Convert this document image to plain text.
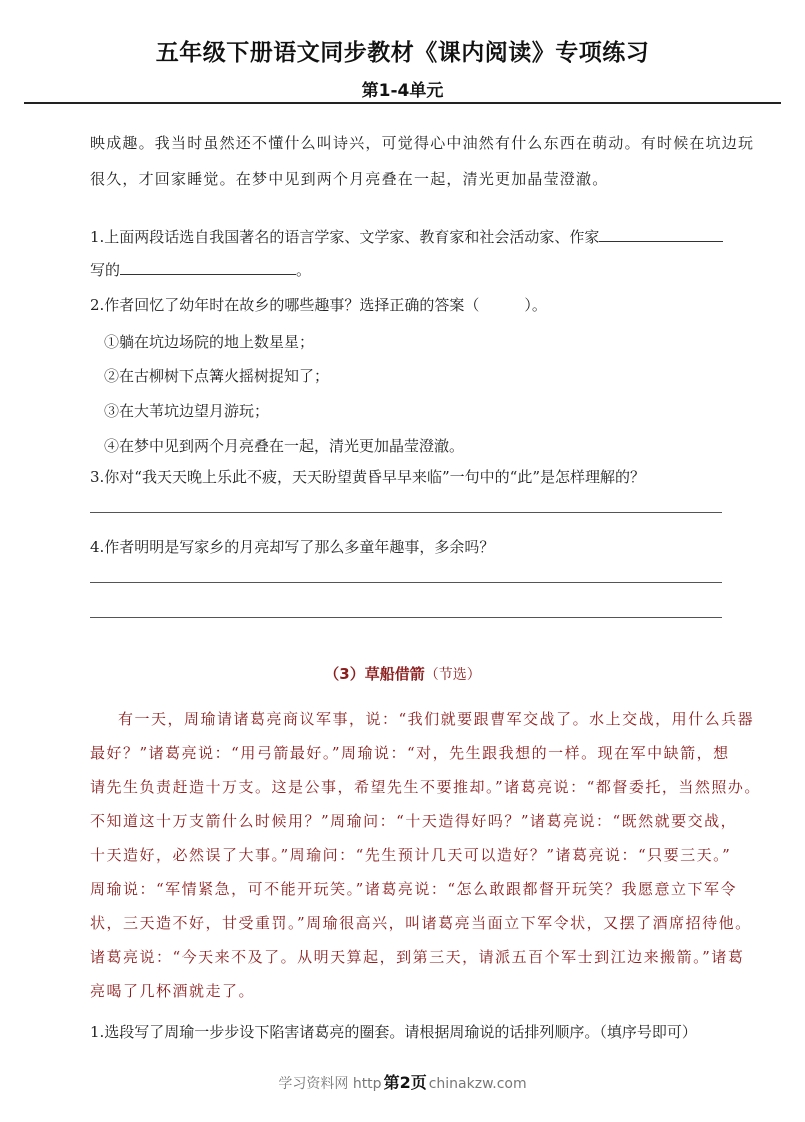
五年级下册语文同步教材《课内阅读》专项练习
第1-4单元
映成趣。我当时虽然还不懂什么叫诗兴，可觉得心中油然有什么东西在萌动。有时候在坑边玩
很久，才回家睡觉。在梦中见到两个月亮叠在一起，清光更加晶莹澄澈。
1.上面两段话选自我国著名的语言学家、文学家、教育家和社会活动家、作家
写的	。
2.作者回忆了幼年时在故乡的哪些趣事？选择正确的答案（　　　）。
①躺在坑边场院的地上数星星；
②在古柳树下点篝火摇树捉知了；
③在大苇坑边望月游玩；
④在梦中见到两个月亮叠在一起，清光更加晶莹澄澈。
3.你对“我天天晚上乐此不疲，天天盼望黄昏早早来临”一句中的“此”是怎样理解的？
4.作者明明是写家乡的月亮却写了那么多童年趣事，多余吗？
（3）草船借箭（节选）
有一天，周瑜请诸葛亮商议军事，说：“我们就要跟曹军交战了。水上交战，用什么兵器
最好？”诸葛亮说：“用弓箭最好。”周瑜说：“对，先生跟我想的一样。现在军中缺箭，想
请先生负责赶造十万支。这是公事，希望先生不要推却。”诸葛亮说：“都督委托，当然照办。
不知道这十万支箭什么时候用？”周瑜问：“十天造得好吗？”诸葛亮说：“既然就要交战，
十天造好，必然误了大事。”周瑜问：“先生预计几天可以造好？”诸葛亮说：“只要三天。”
周瑜说：“军情紧急，可不能开玩笑。”诸葛亮说：“怎么敢跟都督开玩笑？我愿意立下军令
状，三天造不好，甘受重罚。”周瑜很高兴，叫诸葛亮当面立下军令状，又摆了酒席招待他。
诸葛亮说：“今天来不及了。从明天算起，到第三天，请派五百个军士到江边来搬箭。”诸葛
亮喝了几杯酒就走了。
1.选段写了周瑜一步步设下陷害诸葛亮的圈套。请根据周瑜说的话排列顺序。（填序号即可）
学习资料网 http 第2页 chinakzw.com
